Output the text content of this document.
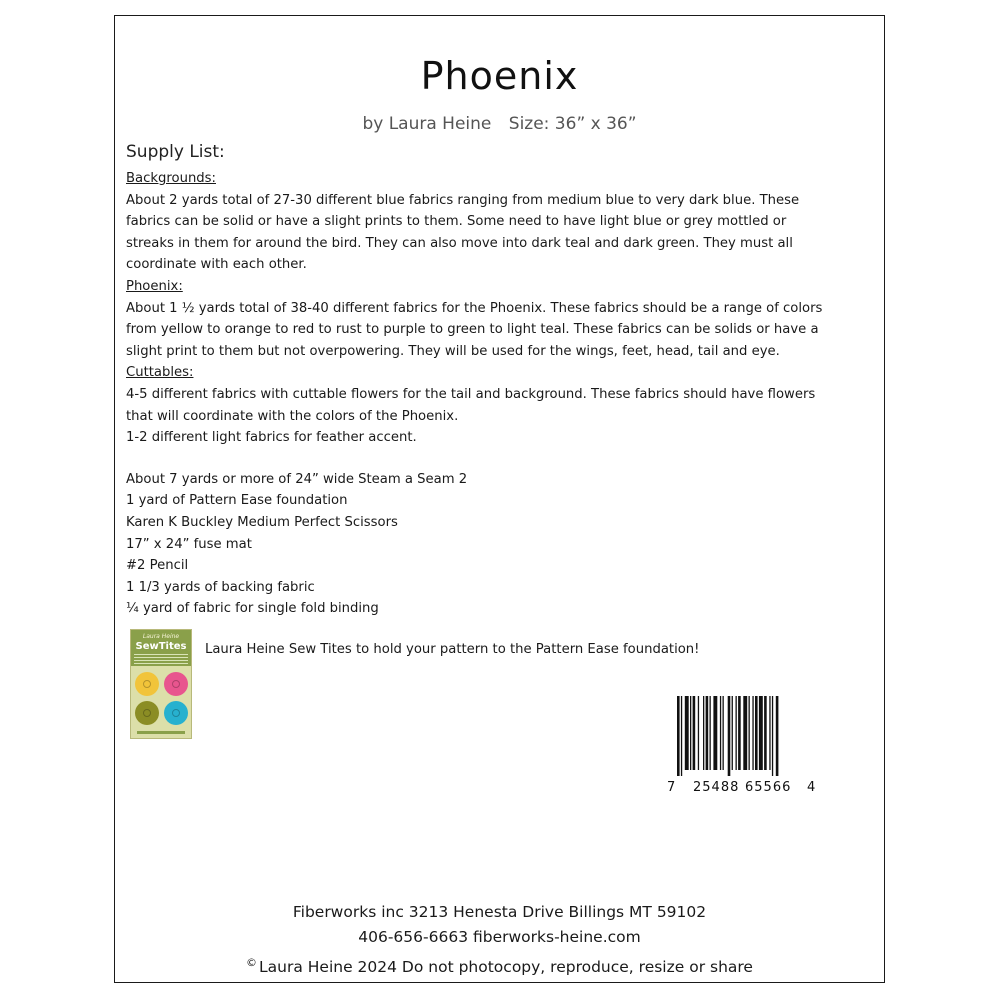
Phoenix
by Laura Heine Size: 36” x 36”
Supply List:

Backgrounds:

About 2 yards total of 27-30 different blue fabrics ranging from medium blue to very dark blue. These fabrics can be solid or have a slight prints to them. Some need to have light blue or grey mottled or streaks in them for around the bird. They can also move into dark teal and dark green. They must all coordinate with each other.

Phoenix:

About 1 ½ yards total of 38-40 different fabrics for the Phoenix. These fabrics should be a range of colors from yellow to orange to red to rust to purple to green to light teal. These fabrics can be solids or have a slight print to them but not overpowering. They will be used for the wings, feet, head, tail and eye.

Cuttables:

4-5 different fabrics with cuttable flowers for the tail and background. These fabrics should have flowers that will coordinate with the colors of the Phoenix.

1-2 different light fabrics for feather accent.

About 7 yards or more of 24” wide Steam a Seam 2

1 yard of Pattern Ease foundation

Karen K Buckley Medium Perfect Scissors

17” x 24” fuse mat

#2 Pencil

1 1/3 yards of backing fabric

¼ yard of fabric for single fold binding

Laura Heine
SewTites	Laura Heine Sew Tites to hold your pattern to the Pattern Ease foundation!
7 25488 65566 4
Fiberworks inc 3213 Henesta Drive Billings MT 59102
406-656-6663 fiberworks-heine.com
© Laura Heine 2024 Do not photocopy, reproduce, resize or share
